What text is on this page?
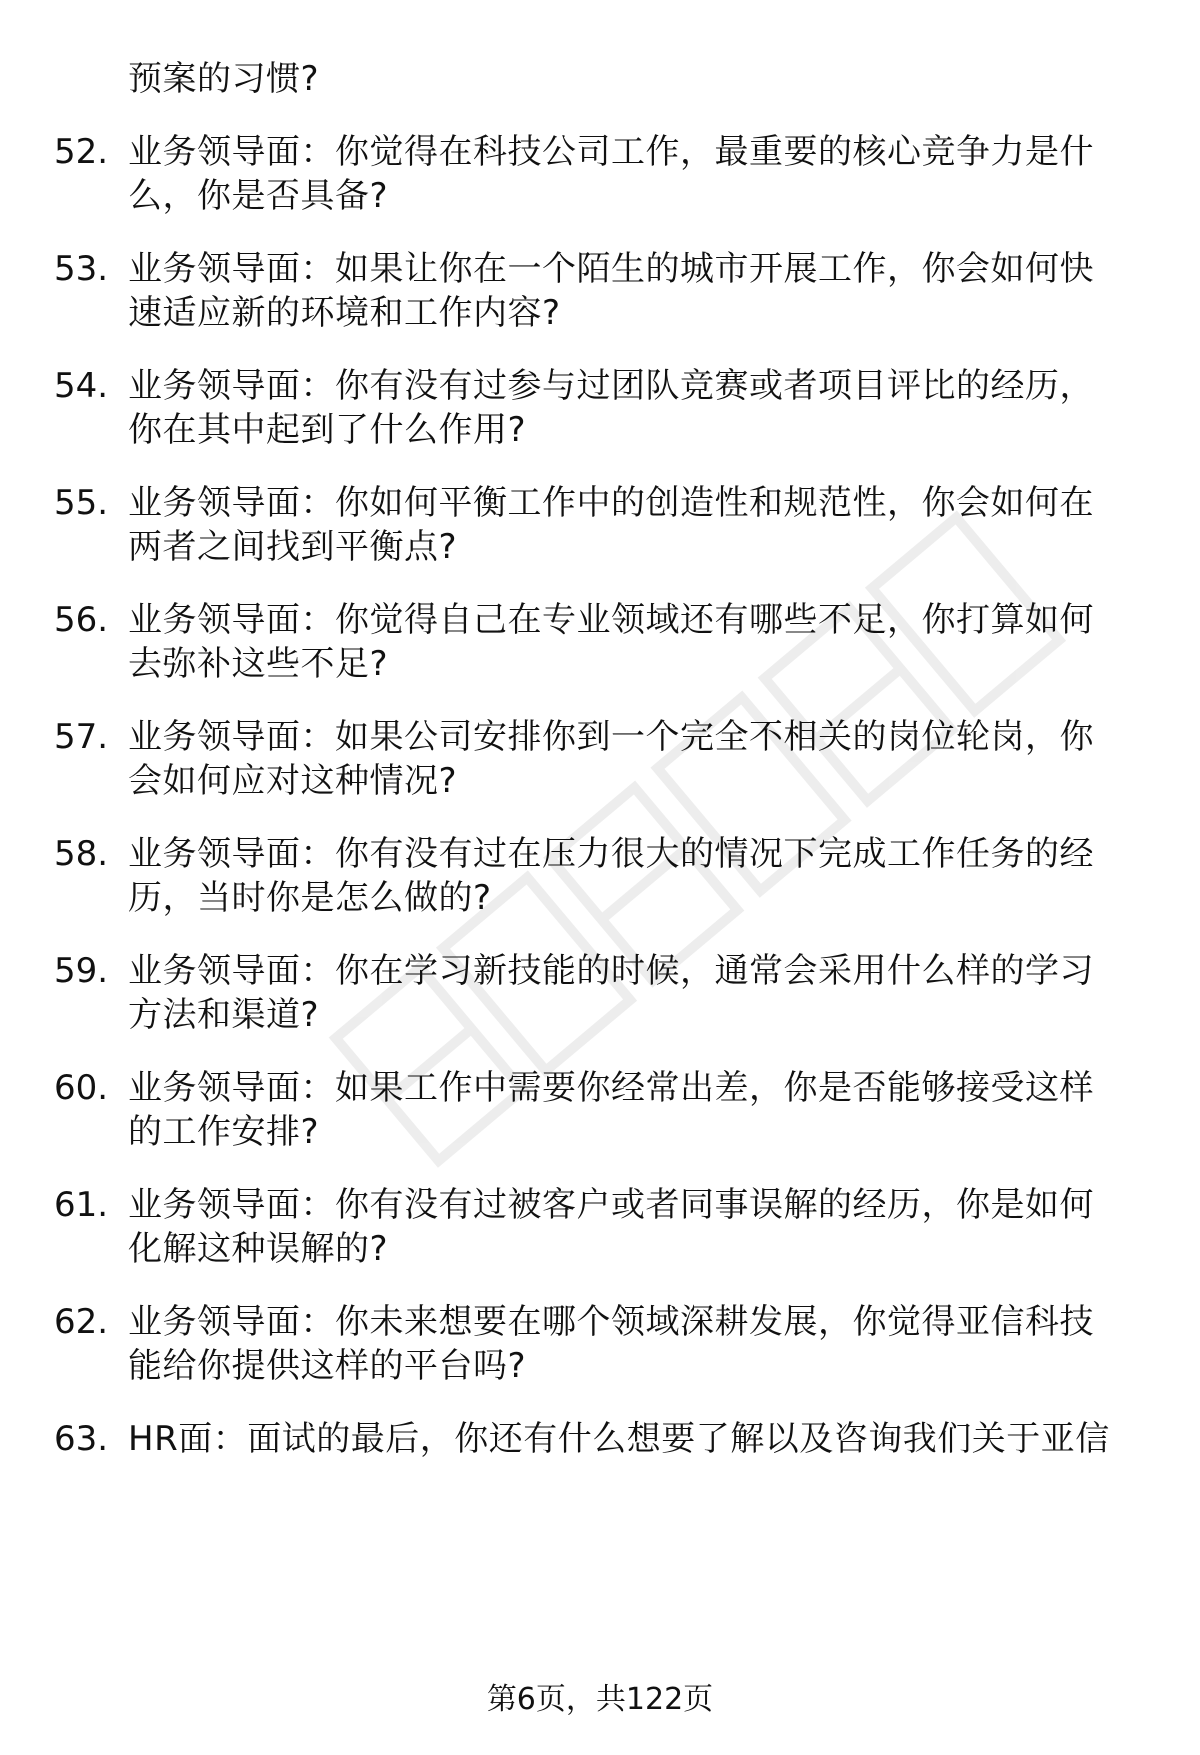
预案的习惯?
52. 业务领导面：你觉得在科技公司工作，最重要的核心竞争力是什
么，你是否具备?
53. 业务领导面：如果让你在一个陌生的城市开展工作，你会如何快
速适应新的环境和工作内容?
54. 业务领导面：你有没有过参与过团队竞赛或者项目评比的经历，
你在其中起到了什么作用?
55. 业务领导面：你如何平衡工作中的创造性和规范性，你会如何在
两者之间找到平衡点?
56. 业务领导面：你觉得自己在专业领域还有哪些不足，你打算如何
去弥补这些不足?
57. 业务领导面：如果公司安排你到一个完全不相关的岗位轮岗，你
会如何应对这种情况?
58. 业务领导面：你有没有过在压力很大的情况下完成工作任务的经
历，当时你是怎么做的?
59. 业务领导面：你在学习新技能的时候，通常会采用什么样的学习
方法和渠道?
60. 业务领导面：如果工作中需要你经常出差，你是否能够接受这样
的工作安排?
61. 业务领导面：你有没有过被客户或者同事误解的经历，你是如何
化解这种误解的?
62. 业务领导面：你未来想要在哪个领域深耕发展，你觉得亚信科技
能给你提供这样的平台吗?
63. HR面：面试的最后，你还有什么想要了解以及咨询我们关于亚信
第6页，共122页
